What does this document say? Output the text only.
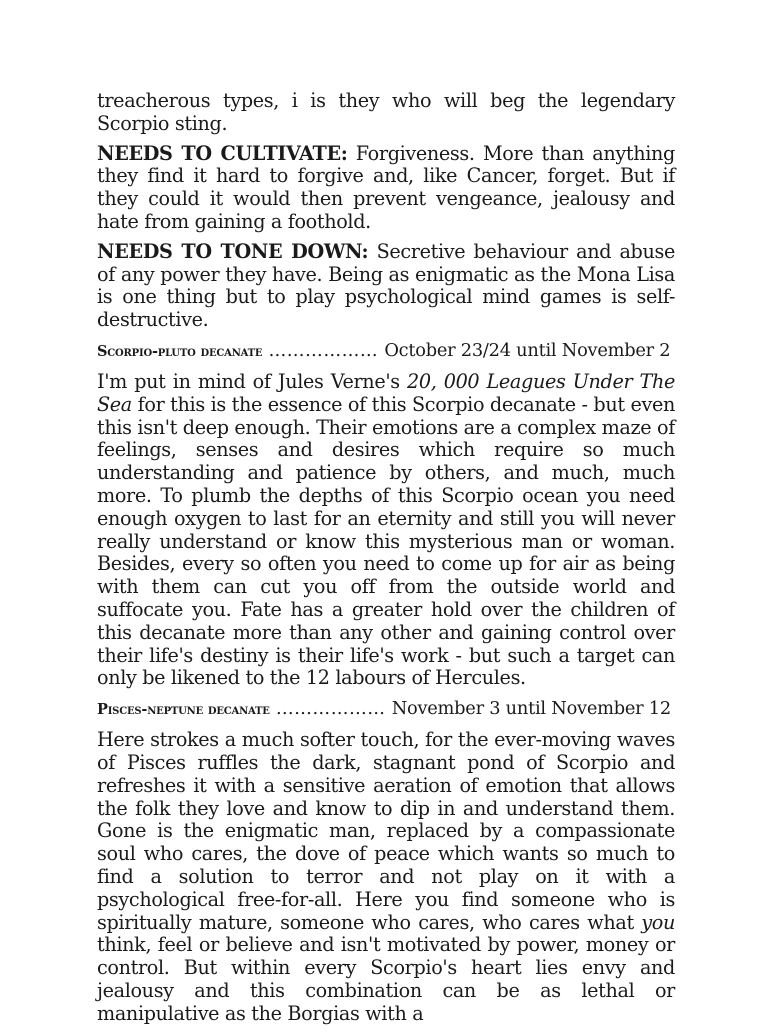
treacherous types, i is they who will beg the legendary Scorpio sting.

NEEDS TO CULTIVATE: Forgiveness. More than anything they find it hard to forgive and, like Cancer, forget. But if they could it would then prevent vengeance, jealousy and hate from gaining a foothold.

NEEDS TO TONE DOWN: Secretive behaviour and abuse of any power they have. Being as enigmatic as the Mona Lisa is one thing but to play psychological mind games is self-destructive.

Scorpio-pluto decanate ……………… October 23/24 until November 2

I'm put in mind of Jules Verne's 20, 000 Leagues Under The Sea for this is the essence of this Scorpio decanate - but even this isn't deep enough. Their emotions are a complex maze of feelings, senses and desires which require so much understanding and patience by others, and much, much more. To plumb the depths of this Scorpio ocean you need enough oxygen to last for an eternity and still you will never really understand or know this mysterious man or woman. Besides, every so often you need to come up for air as being with them can cut you off from the outside world and suffocate you. Fate has a greater hold over the children of this decanate more than any other and gaining control over their life's destiny is their life's work - but such a target can only be likened to the 12 labours of Hercules.

Pisces-neptune decanate ……………… November 3 until November 12

Here strokes a much softer touch, for the ever-moving waves of Pisces ruffles the dark, stagnant pond of Scorpio and refreshes it with a sensitive aeration of emotion that allows the folk they love and know to dip in and understand them. Gone is the enigmatic man, replaced by a compassionate soul who cares, the dove of peace which wants so much to find a solution to terror and not play on it with a psychological free-for-all. Here you find someone who is spiritually mature, someone who cares, who cares what you think, feel or believe and isn't motivated by power, money or control. But within every Scorpio's heart lies envy and jealousy and this combination can be as lethal or manipulative as the Borgias with a
